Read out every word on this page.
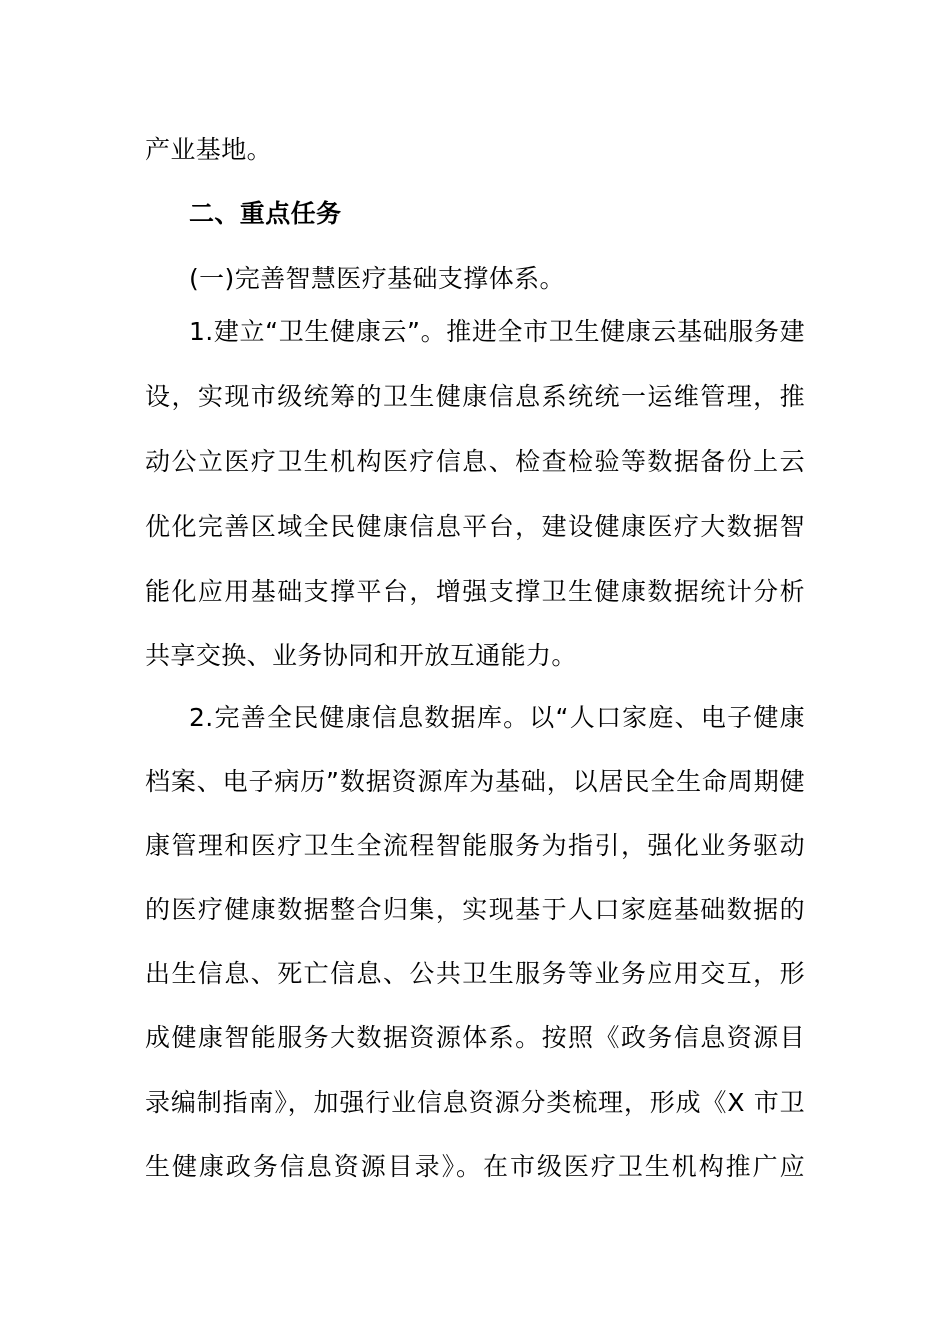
产业基地。
二、重点任务
(一)完善智慧医疗基础支撑体系。
1.建立“卫生健康云”。推进全市卫生健康云基础服务建
设，实现市级统筹的卫生健康信息系统统一运维管理，推
动公立医疗卫生机构医疗信息、检查检验等数据备份上云
优化完善区域全民健康信息平台，建设健康医疗大数据智
能化应用基础支撑平台，增强支撑卫生健康数据统计分析
共享交换、业务协同和开放互通能力。
2.完善全民健康信息数据库。以“人口家庭、电子健康
档案、电子病历”数据资源库为基础，以居民全生命周期健
康管理和医疗卫生全流程智能服务为指引，强化业务驱动
的医疗健康数据整合归集，实现基于人口家庭基础数据的
出生信息、死亡信息、公共卫生服务等业务应用交互，形
成健康智能服务大数据资源体系。按照《政务信息资源目
录编制指南》，加强行业信息资源分类梳理，形成《X 市卫
生健康政务信息资源目录》。在市级医疗卫生机构推广应
